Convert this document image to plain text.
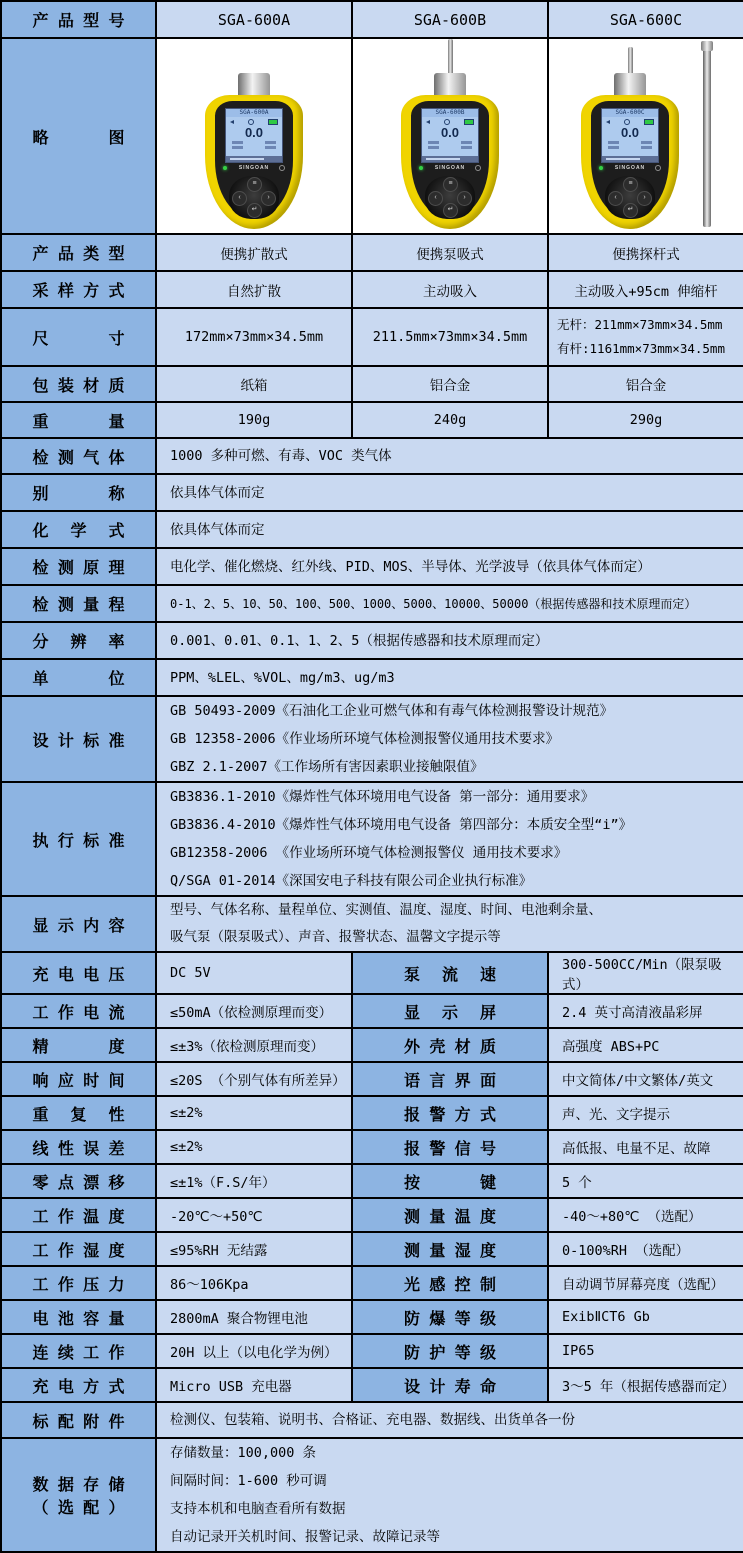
产品型号	SGA-600A	SGA-600B	SGA-600C
略图	
SGA-600A
0.0
SINGOAN
≡
‹	›
↵

SGA-600B
0.0
SINGOAN
≡
‹	›
↵

SGA-600C
0.0
SINGOAN
≡
‹	›
↵

产品类型	便携扩散式	便携泵吸式	便携探杆式
采样方式	自然扩散	主动吸入	主动吸入+95cm 伸缩杆
尺寸	172mm×73mm×34.5mm	211.5mm×73mm×34.5mm	无杆：211mm×73mm×34.5mm
有杆:1161mm×73mm×34.5mm

包装材质	纸箱	铝合金	铝合金
重量	190g	240g	290g
检测气体	1000 多种可燃、有毒、VOC 类气体		

别称	依具体气体而定		

化学式	依具体气体而定		

检测原理	电化学、催化燃烧、红外线、PID、MOS、半导体、光学波导（依具体气体而定）		

检测量程	0-1、2、5、10、50、100、500、1000、5000、10000、50000（根据传感器和技术原理而定）		

分辨率	0.001、0.01、0.1、1、2、5（根据传感器和技术原理而定）		

单位	PPM、%LEL、%VOL、mg/m3、ug/m3		

设计标准	GB 50493-2009《石油化工企业可燃气体和有毒气体检测报警设计规范》
GB 12358-2006《作业场所环境气体检测报警仪通用技术要求》
GBZ 2.1-2007《工作场所有害因素职业接触限值》		

执行标准	GB3836.1-2010《爆炸性气体环境用电气设备 第一部分：通用要求》
GB3836.4-2010《爆炸性气体环境用电气设备 第四部分：本质安全型“i”》
GB12358-2006 《作业场所环境气体检测报警仪 通用技术要求》
Q/SGA 01-2014《深国安电子科技有限公司企业执行标准》		

显示内容	型号、气体名称、量程单位、实测值、温度、湿度、时间、电池剩余量、
吸气泵（限泵吸式）、声音、报警状态、温馨文字提示等		

充电电压	DC 5V	泵流速	300-500CC/Min（限泵吸式）
工作电流	≤50mA（依检测原理而变）	显示屏	2.4 英寸高清液晶彩屏
精度	≤±3%（依检测原理而变）	外壳材质	高强度 ABS+PC
响应时间	≤20S （个别气体有所差异）	语言界面	中文简体/中文繁体/英文
重复性	≤±2%	报警方式	声、光、文字提示
线性误差	≤±2%	报警信号	高低报、电量不足、故障
零点漂移	≤±1%（F.S/年）	按键	5 个
工作温度	-20℃～+50℃	测量温度	-40～+80℃ （选配）
工作湿度	≤95%RH 无结露	测量湿度	0-100%RH （选配）
工作压力	86～106Kpa	光感控制	自动调节屏幕亮度（选配）
电池容量	2800mA 聚合物锂电池	防爆等级	ExibⅡCT6 Gb
连续工作	20H 以上（以电化学为例）	防护等级	IP65
充电方式	Micro USB 充电器	设计寿命	3～5 年（根据传感器而定）
标配附件	检测仪、包装箱、说明书、合格证、充电器、数据线、出货单各一份		

数据存储
（选配）

存储数量：100,000 条
间隔时间：1-600 秒可调
支持本机和电脑查看所有数据
自动记录开关机时间、报警记录、故障记录等
